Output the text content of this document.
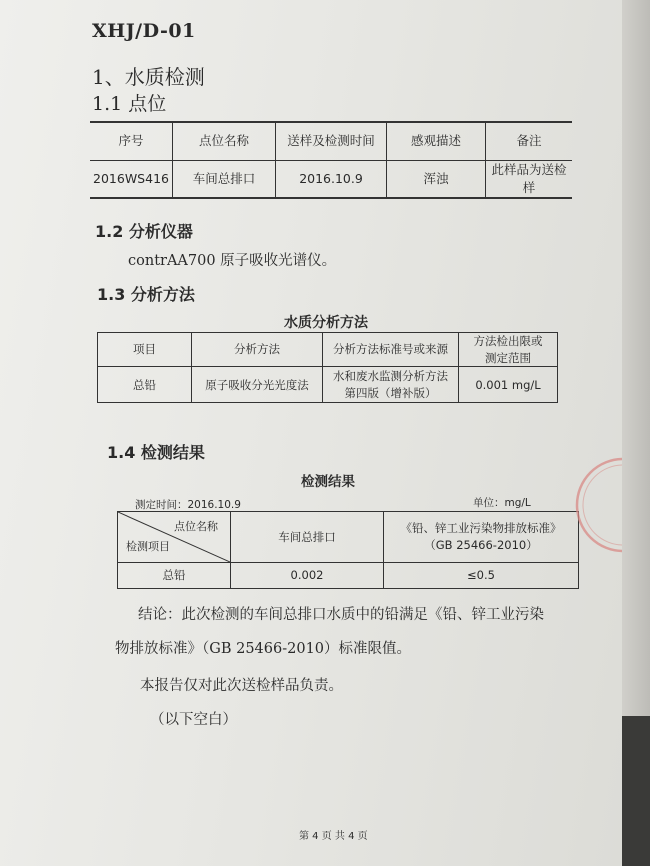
XHJ/D-01
1、水质检测
1.1 点位
序号	点位名称	送样及检测时间	感观描述	备注
2016WS416	车间总排口	2016.10.9	浑浊	此样品为送检样
1.2 分析仪器
contrAA700 原子吸收光谱仪。
1.3 分析方法
水质分析方法
项目	分析方法	分析方法标准号或来源	方法检出限或测定范围
总铅	原子吸收分光光度法	水和废水监测分析方法第四版（增补版）	0.001 mg/L
1.4 检测结果
检测结果
测定时间：2016.10.9	单位：mg/L
点位名称
检测项目	车间总排口	《铅、锌工业污染物排放标准》（GB 25466-2010）
总铅	0.002	≤0.5
结论：此次检测的车间总排口水质中的铅满足《铅、锌工业污染
物排放标准》（GB 25466-2010）标准限值。
本报告仅对此次送检样品负责。
（以下空白）
第 4 页 共 4 页
